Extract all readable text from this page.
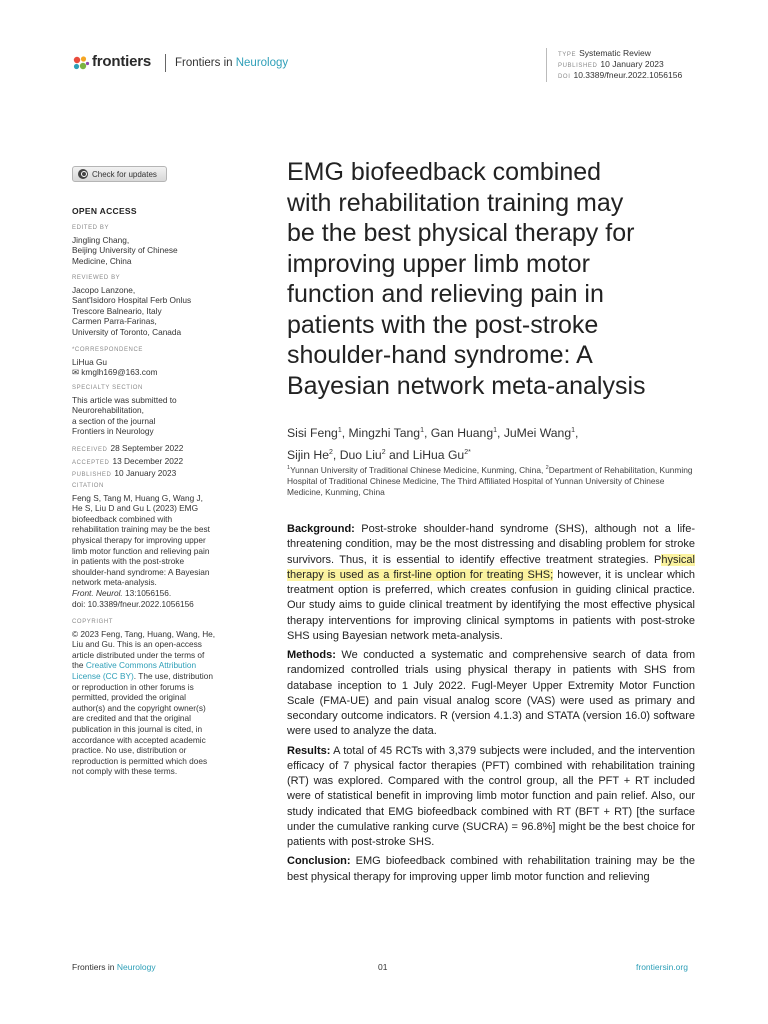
frontiers Frontiers in Neurology
TYPE Systematic Review
PUBLISHED 10 January 2023
DOI 10.3389/fneur.2022.1056156
Check for updates
OPEN ACCESS
EDITED BY
Jingling Chang,
Beijing University of Chinese
Medicine, China
REVIEWED BY
Jacopo Lanzone,
Sant'Isidoro Hospital Ferb Onlus
Trescore Balneario, Italy
Carmen Parra-Farinas,
University of Toronto, Canada
*CORRESPONDENCE
LiHua Gu
✉ kmglh169@163.com
SPECIALTY SECTION
This article was submitted to
Neurorehabilitation,
a section of the journal
Frontiers in Neurology
RECEIVED 28 September 2022
ACCEPTED 13 December 2022
PUBLISHED 10 January 2023
CITATION
Feng S, Tang M, Huang G, Wang J,
He S, Liu D and Gu L (2023) EMG
biofeedback combined with
rehabilitation training may be the best
physical therapy for improving upper
limb motor function and relieving pain
in patients with the post-stroke
shoulder-hand syndrome: A Bayesian
network meta-analysis.
Front. Neurol. 13:1056156.
doi: 10.3389/fneur.2022.1056156
COPYRIGHT
© 2023 Feng, Tang, Huang, Wang, He,
Liu and Gu. This is an open-access
article distributed under the terms of
the Creative Commons Attribution
License (CC BY). The use, distribution
or reproduction in other forums is
permitted, provided the original
author(s) and the copyright owner(s)
are credited and that the original
publication in this journal is cited, in
accordance with accepted academic
practice. No use, distribution or
reproduction is permitted which does
not comply with these terms.
EMG biofeedback combined
with rehabilitation training may
be the best physical therapy for
improving upper limb motor
function and relieving pain in
patients with the post-stroke
shoulder-hand syndrome: A
Bayesian network meta-analysis
Sisi Feng$^1$, Mingzhi Tang$^1$, Gan Huang$^1$, JuMei Wang$^1$,
Sijin He$^2$, Duo Liu$^2$ and LiHua $Gu^{2*}$
$^1$Yunnan University of Traditional Chinese Medicine, Kunming, China, $^2$Department of Rehabilitation, Kunming Hospital of Traditional Chinese Medicine, The Third Affiliated Hospital of Yunnan University of Chinese Medicine, Kunming, China

Background: Post-stroke shoulder-hand syndrome (SHS), although not a life-threatening condition, may be the most distressing and disabling problem for stroke survivors. Thus, it is essential to identify effective treatment strategies. Physical therapy is used as a first-line option for treating SHS; however, it is unclear which treatment option is preferred, which creates confusion in guiding clinical practice. Our study aims to guide clinical treatment by identifying the most effective physical therapy interventions for improving clinical symptoms in patients with post-stroke SHS using Bayesian network meta-analysis.

Methods: We conducted a systematic and comprehensive search of data from randomized controlled trials using physical therapy in patients with SHS from database inception to 1 July 2022. Fugl-Meyer Upper Extremity Motor Function Scale (FMA-UE) and pain visual analog score (VAS) were used as primary and secondary outcome indicators. R (version 4.1.3) and STATA (version 16.0) software were used to analyze the data.

Results: A total of 45 RCTs with 3,379 subjects were included, and the intervention efficacy of 7 physical factor therapies (PFT) combined with rehabilitation training (RT) was explored. Compared with the control group, all the PFT + RT included were of statistical benefit in improving limb motor function and pain relief. Also, our study indicated that EMG biofeedback combined with RT (BFT + RT) [the surface under the cumulative ranking curve (SUCRA) = 96.8%] might be the best choice for patients with post-stroke SHS.

Conclusion: EMG biofeedback combined with rehabilitation training may be the best physical therapy for improving upper limb motor function and relieving

Frontiers in Neurology	01	frontiersin.org
